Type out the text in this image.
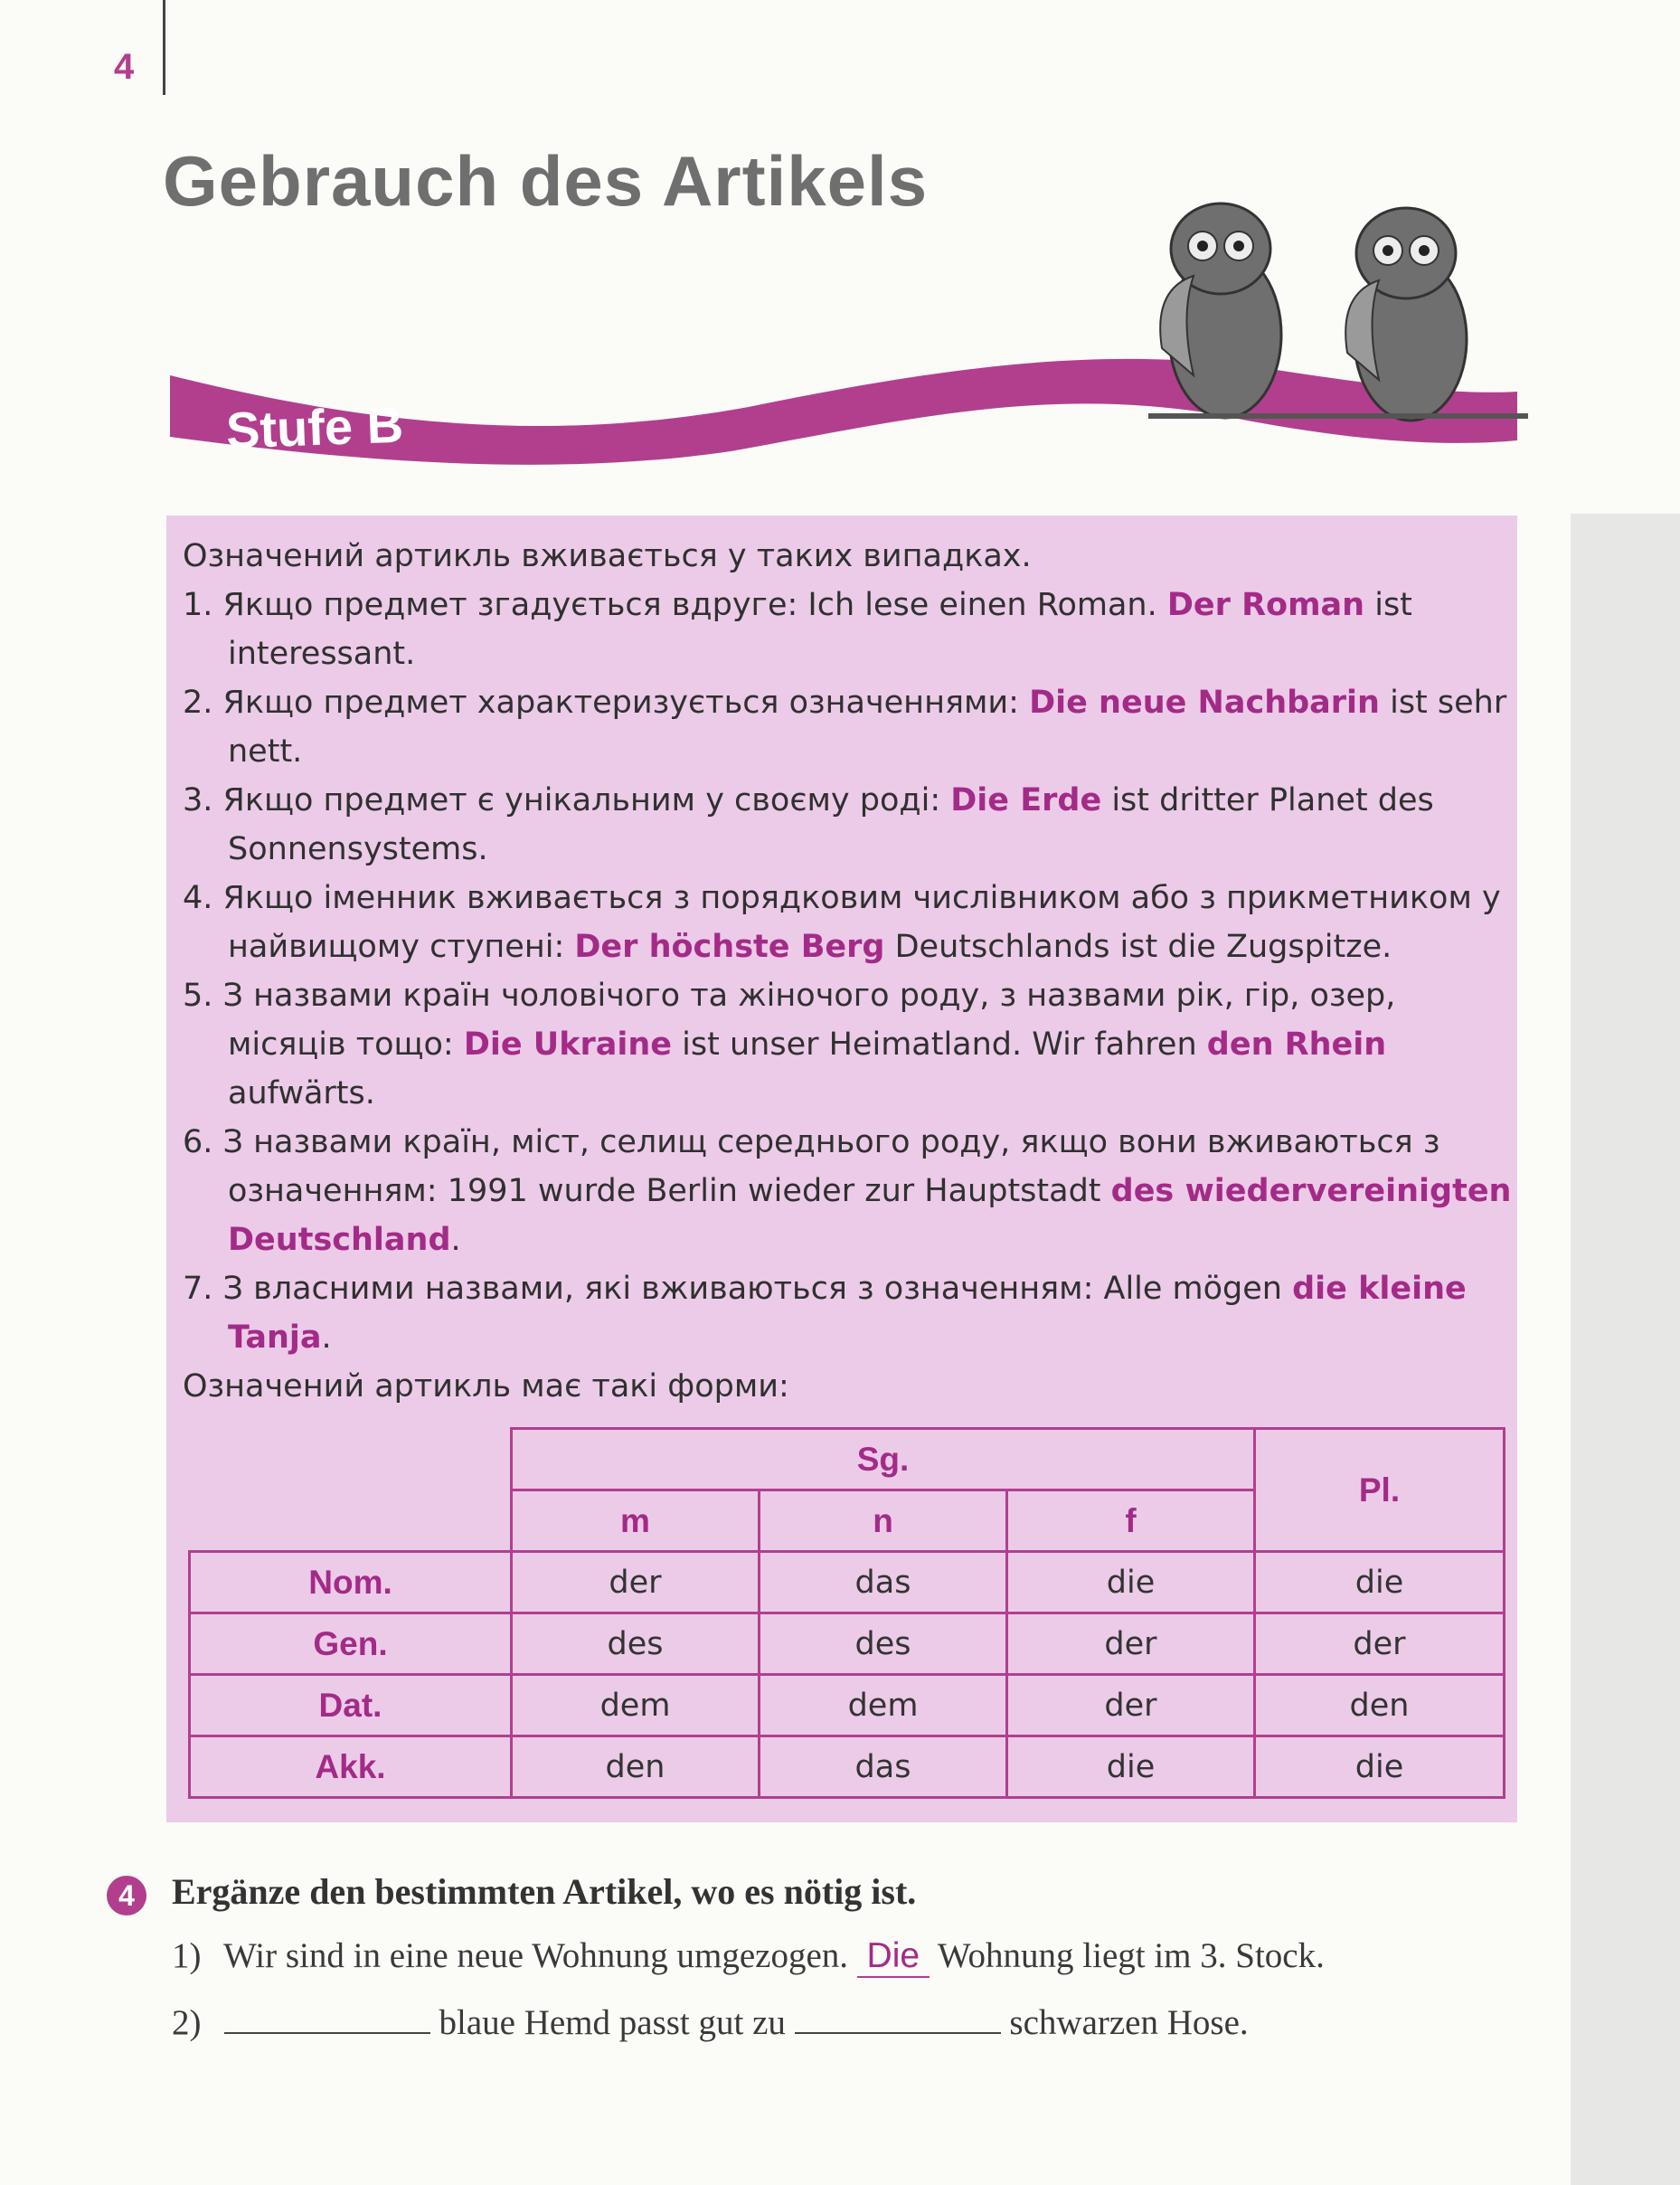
4
Gebrauch des Artikels
Stufe B

Означений артикль вживається у таких випадках.

1. Якщо предмет згадується вдруге: Ich lese einen Roman. Der Roman ist interessant.
2. Якщо предмет характеризується означеннями: Die neue Nachbarin ist sehr nett.
3. Якщо предмет є унікальним у своєму роді: Die Erde ist dritter Planet des Sonnensystems.
4. Якщо іменник вживається з порядковим числівником або з прикметником у найвищому ступені: Der höchste Berg Deutschlands ist die Zugspitze.
5. З назвами країн чоловічого та жіночого роду, з назвами рік, гір, озер, місяців тощо: Die Ukraine ist unser Heimatland. Wir fahren den Rhein aufwärts.
6. З назвами країн, міст, селищ середнього роду, якщо вони вживаються з означенням: 1991 wurde Berlin wieder zur Hauptstadt des wiedervereinigten Deutschland.
7. З власними назвами, які вживаються з означенням: Alle mögen die kleine Tanja.

Означений артикль має такі форми:

	Sg.			Pl.
	m	n	f	
Nom.	der	das	die	die
Gen.	des	des	der	der
Dat.	dem	dem	der	den
Akk.	den	das	die	die
4	Ergänze den bestimmten Artikel, wo es nötig ist.
1) Wir sind in eine neue Wohnung umgezogen. Die Wohnung liegt im 3. Stock.
2)	blaue Hemd passt gut zu	schwarzen Hose.
